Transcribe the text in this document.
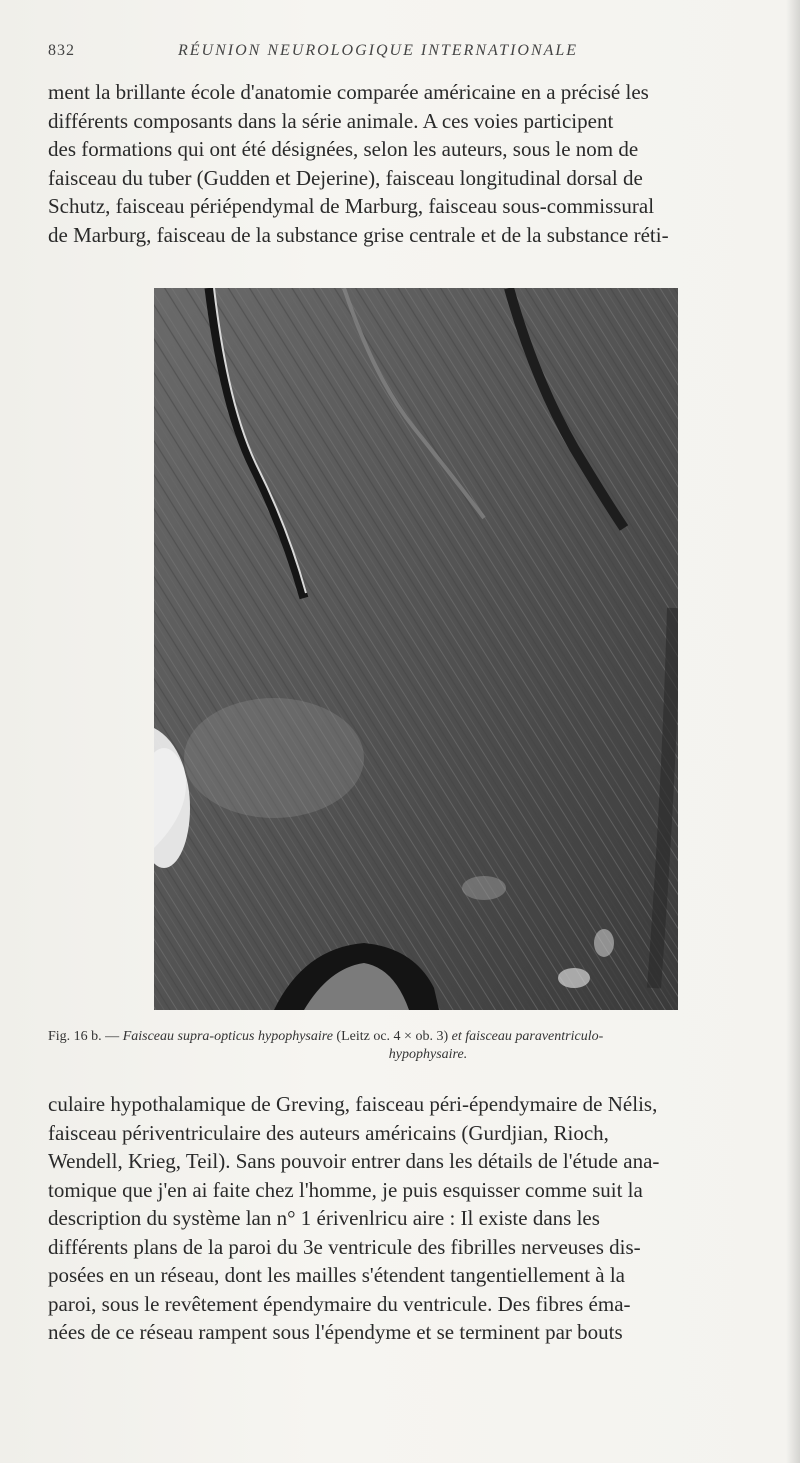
832	RÉUNION NEUROLOGIQUE INTERNATIONALE
ment la brillante école d'anatomie comparée américaine en a précisé les
différents composants dans la série animale. A ces voies participent
des formations qui ont été désignées, selon les auteurs, sous le nom de
faisceau du tuber (Gudden et Dejerine), faisceau longitudinal dorsal de
Schutz, faisceau périépendymal de Marburg, faisceau sous-commissural
de Marburg, faisceau de la substance grise centrale et de la substance réti-
Fig. 16 b. — Faisceau supra-opticus hypophysaire (Leitz oc. 4 × ob. 3) et faisceau paraventriculo-
hypophysaire.
culaire hypothalamique de Greving, faisceau péri-épendymaire de Nélis,
faisceau périventriculaire des auteurs américains (Gurdjian, Rioch,
Wendell, Krieg, Teil). Sans pouvoir entrer dans les détails de l'étude ana-
tomique que j'en ai faite chez l'homme, je puis esquisser comme suit la
description du système lan n° 1 érivenlricu aire : Il existe dans les
différents plans de la paroi du 3e ventricule des fibrilles nerveuses dis-
posées en un réseau, dont les mailles s'étendent tangentiellement à la
paroi, sous le revêtement épendymaire du ventricule. Des fibres éma-
nées de ce réseau rampent sous l'épendyme et se terminent par bouts
